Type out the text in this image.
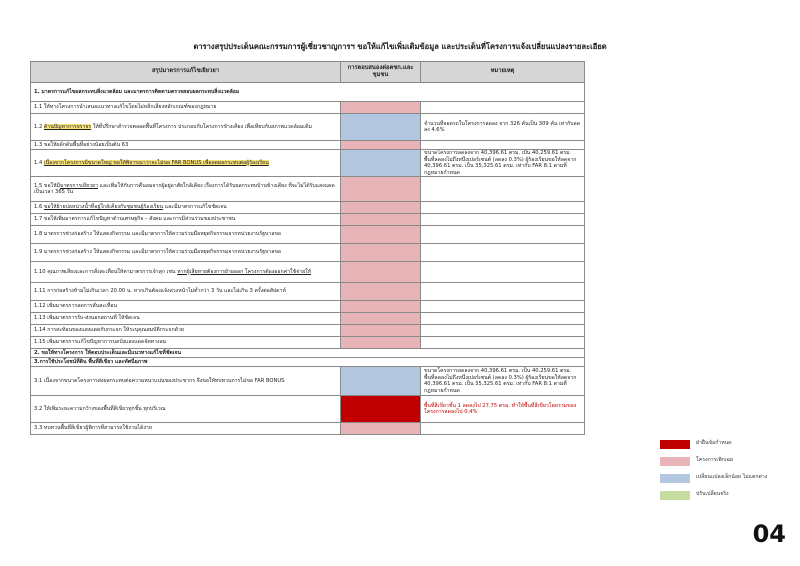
ตารางสรุปประเด็นคณะกรรมการผู้เชี่ยวชาญการฯ ขอให้แก้ไขเพิ่มเติมข้อมูล และประเด็นที่โครงการแจ้งเปลี่ยนแปลงรายละเอียด
สรุปมาตรการแก้ไขเยียวยา	การตอบสนองต่อคชก.และชุมชน	หมายเหตุ
1. มาตรการแก้ไขผลกระทบสิ่งแวดล้อม และมาตรการติดตามตรวจสอบผลกระทบสิ่งแวดล้อม		
1.1 ให้ทางโครงการนำเสนอแนวทางแก้ไขโดยไม่หลีกเลี่ยงหลักเกณฑ์ของกฎหมาย		
1.2 ด้านปัญหาการจราจร ให้ที่ปรึกษาสำรวจตลอดพื้นที่โครงการ ประกอบกับโครงการข้างเคียง เพื่อเทียบกับสภาพแวดล้อมเดิม		จำนวนที่จอดรถในโครงการลดลง จาก 326 คันเป็น 309 คัน เท่ากับลดลง 4.6%
1.3 ขอให้ผลักดันพื้นที่อย่างน้อยเป็นต้น 63		
1.4 เนื่องจากโครงการมีขนาดใหญ่ ขอให้พิจารณาว่าจะไม่ขอ FAR BONUS เพื่อลดผลกระทบต่อผู้ร้องเรียน		ขนาดโครงการลดลงจาก 40,396.61 ตรม. เป็น 40,259.61 ตรม. พื้นที่ลดลงไม่ถึงหนึ่งเปอร์เซนต์ (ลดลง 0.3%) ผู้ร้องเรียนขอให้ลดจาก 40,396.61 ตรม. เป็น 35,325.61 ตรม. เท่ากับ FAR 8:1 ตามที่กฎหมายกำหนด
1.5 ขอให้มีมาตรการเยียวยา และเพิ่มให้กับการคืนลมจากผู้อยู่อาศัยใกล้เคียง เรื่องการได้รับผลกระทบบ้านข้างเคียง ที่จะไม่ได้รับแสงแดดเป็นเวลา 365 วัน		
1.6 ขอให้ย้ายบ่อหน่วงน้ำที่อยู่ใกล้เคียงกับชุมชนผู้ร้องเรียน และมีมาตรการแก้ไขชัดเจน		
1.7 ขอให้เพิ่มมาตรการแก้ไขปัญหาด้านเศรษฐกิจ – สังคม และการมีส่วนร่วมของประชาชน		
1.8 มาตรการช่วงก่อสร้าง ให้แสดงกิจกรรม และมีมาตรการให้ความร่วมมือหยุดกิจกรรมจากหน่วยงานรัฐบาลขอ		
1.9 มาตรการช่วงก่อสร้าง ให้แสดงกิจกรรม และมีมาตรการให้ความร่วมมือหยุดกิจกรรมจากหน่วยงานรัฐบาลขอ		
1.10 คุณภาพเสียงและการสั่งสะเทือนให้ตามาตรการเจ้าสุก เช่น หากผู้เสียหายต้องการย้ายออก โครงการต้องออกค่าใช้จ่ายให้		
1.11 การก่อสร้างห้ามไม่เกินเวลา 20.00 น. หากเกินต้องแจ้งล่วงหน้าไม่ต่ำกว่า 3 วัน และไม่เกิน 3 ครั้งต่อสัปดาห์		
1.12 เพิ่มมาตรการลดการสั่นสะเทือน		
1.13 เพิ่มมาตรการรับ-ส่งนอกสถานที่ ให้ชัดเจน		
1.14 การสะท้อนของแสงแดดกับกระจก ให้ระบุคุณสมบัติกระจกด้วย		
1.15 เพิ่มมาตรการแก้ไขปัญหาการบดบังแสงแดดจัดทางลม		
2. ขอให้ทางโครงการ ให้ตอบประเด็นและมีแนวทางแก้ไขที่ชัดเจน		
3.การใช้ประโยชน์ที่ดิน พื้นที่สีเขียว และทัศนียภาพ		
3.1 เนื่องจากขนาดโครงการส่งผลกระทบต่อความหนาแน่นของประชากร จึงขอให้ทบทวนการไม่ขอ FAR BONUS		ขนาดโครงการลดลงจาก 40,396.61 ตรม. เป็น 40,259.61 ตรม. พื้นที่ลดลงไม่ถึงหนึ่งเปอร์เซนต์ (ลดลง 0.3%) ผู้ร้องเรียนขอให้ลดจาก 40,396.61 ตรม. เป็น 35,325.61 ตรม. เท่ากับ FAR 8:1 ตามที่กฎหมายกำหนด
3.2 ให้เพิ่มระยะความกว้างของพื้นที่สีเขียวทุกชั้น ทุกบริเวณ		พื้นที่สีเขียวชั้น 1 ลดลงไป 27.75 ตรม. ทำให้พื้นที่สีเขียวโดยรวมของโครงการลดลงไป 0.4%
3.3 ทบทวนพื้นที่สีเขียวผู้พิการที่สามารถใช้งานได้ง่าย		
ฝ่าฝืนข้อกำหนด
โครงการเพิกเฉย
เปลี่ยนแปลงเล็กน้อย ไม่แตกต่าง
ปรับเปลี่ยนจริง
04
